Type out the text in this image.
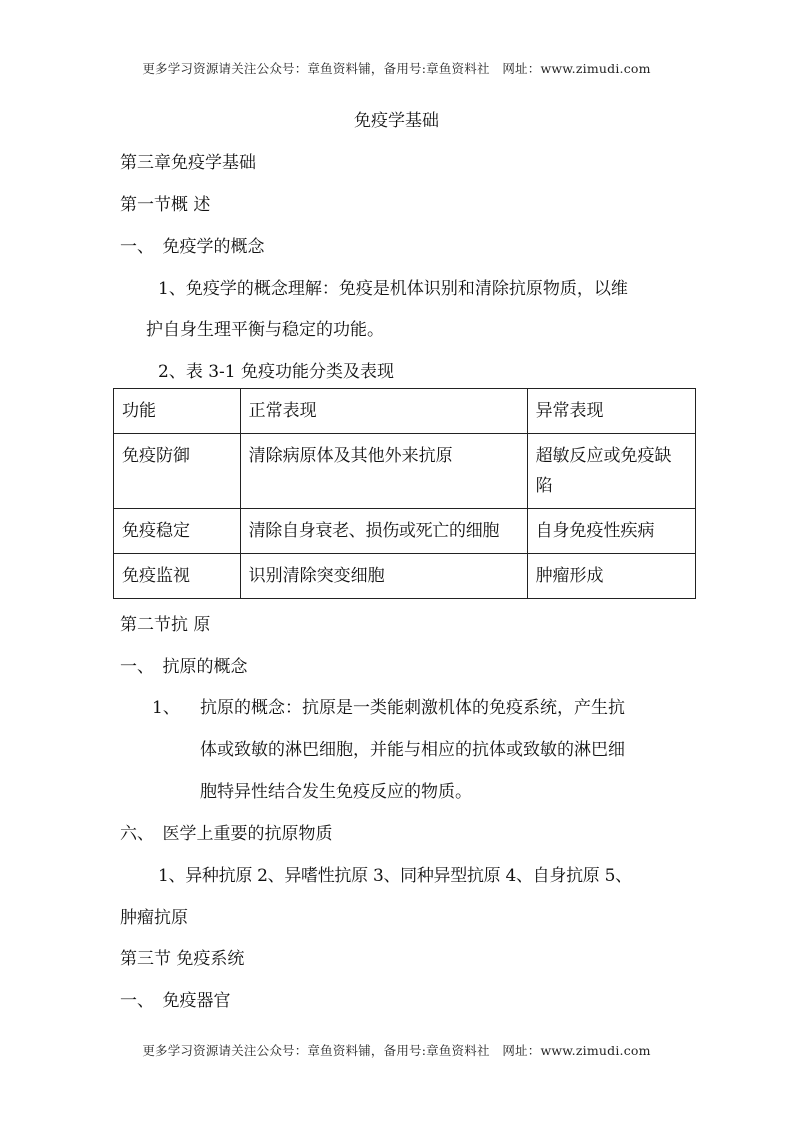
更多学习资源请关注公众号：章鱼资料铺，备用号:章鱼资料社　网址：www.zimudi.com
免疫学基础
第三章免疫学基础
第一节概 述
一、　免疫学的概念
1、免疫学的概念理解：免疫是机体识别和清除抗原物质，以维
护自身生理平衡与稳定的功能。
2、表 3-1 免疫功能分类及表现
功能	正常表现	异常表现
免疫防御	清除病原体及其他外来抗原	超敏反应或免疫缺陷
免疫稳定	清除自身衰老、损伤或死亡的细胞	自身免疫性疾病
免疫监视	识别清除突变细胞	肿瘤形成
第二节抗 原
一、　抗原的概念
1、 抗原的概念：抗原是一类能刺激机体的免疫系统，产生抗
体或致敏的淋巴细胞，并能与相应的抗体或致敏的淋巴细
胞特异性结合发生免疫反应的物质。
六、　医学上重要的抗原物质
1、异种抗原 2、异嗜性抗原 3、同种异型抗原 4、自身抗原 5、
肿瘤抗原
第三节 免疫系统
一、　免疫器官
更多学习资源请关注公众号：章鱼资料铺，备用号:章鱼资料社　网址：www.zimudi.com
